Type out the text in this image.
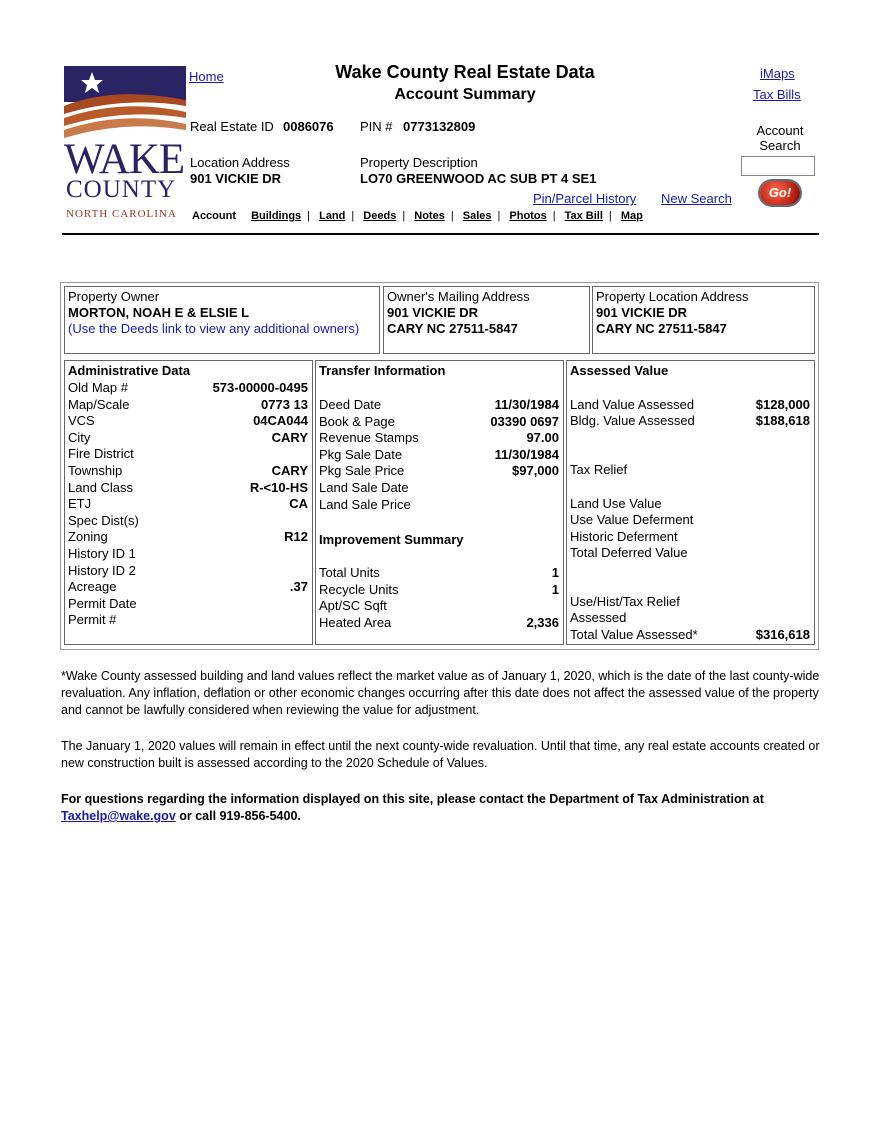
WAKE
COUNTY
NORTH CAROLINA
Home	Wake County Real Estate Data
Account Summary
iMaps
Tax Bills
Real Estate ID 0086076 PIN # 0773132809	Account
Search
Go!
Location Address
901 VICKIE DR
Property Description
LO70 GREENWOOD AC SUB PT 4 SE1
Pin/Parcel History New Search
Account Buildings | Land | Deeds | Notes | Sales | Photos | Tax Bill | Map
Property Owner
MORTON, NOAH E & ELSIE L
(Use the Deeds link to view any additional owners)
Owner's Mailing Address
901 VICKIE DR
CARY NC 27511-5847
Property Location Address
901 VICKIE DR
CARY NC 27511-5847
Administrative Data
Old Map #	573-00000-0495
Map/Scale	0773 13
VCS	04CA044
City	CARY
Fire District
Township	CARY
Land Class	R-<10-HS
ETJ	CA
Spec Dist(s)
Zoning	R12
History ID 1
History ID 2
Acreage	.37
Permit Date
Permit #
Transfer Information
Improvement Summary
Deed Date	11/30/1984
Book & Page	03390 0697
Revenue Stamps	97.00
Pkg Sale Date	11/30/1984
Pkg Sale Price	$97,000
Land Sale Date
Land Sale Price
Total Units	1
Recycle Units	1
Apt/SC Sqft
Heated Area	2,336
Assessed Value
Land Value Assessed	$128,000
Bldg. Value Assessed	$188,618
Tax Relief
Land Use Value
Use Value Deferment
Historic Deferment
Total Deferred Value
Use/Hist/Tax Relief
Assessed
Total Value Assessed*	$316,618
*Wake County assessed building and land values reflect the market value as of January 1, 2020, which is the date of the last county-wide revaluation. Any inflation, deflation or other economic changes occurring after this date does not affect the assessed value of the property and cannot be lawfully considered when reviewing the value for adjustment.
The January 1, 2020 values will remain in effect until the next county-wide revaluation. Until that time, any real estate accounts created or new construction built is assessed according to the 2020 Schedule of Values.
For questions regarding the information displayed on this site, please contact the Department of Tax Administration at Taxhelp@wake.gov or call 919-856-5400.
